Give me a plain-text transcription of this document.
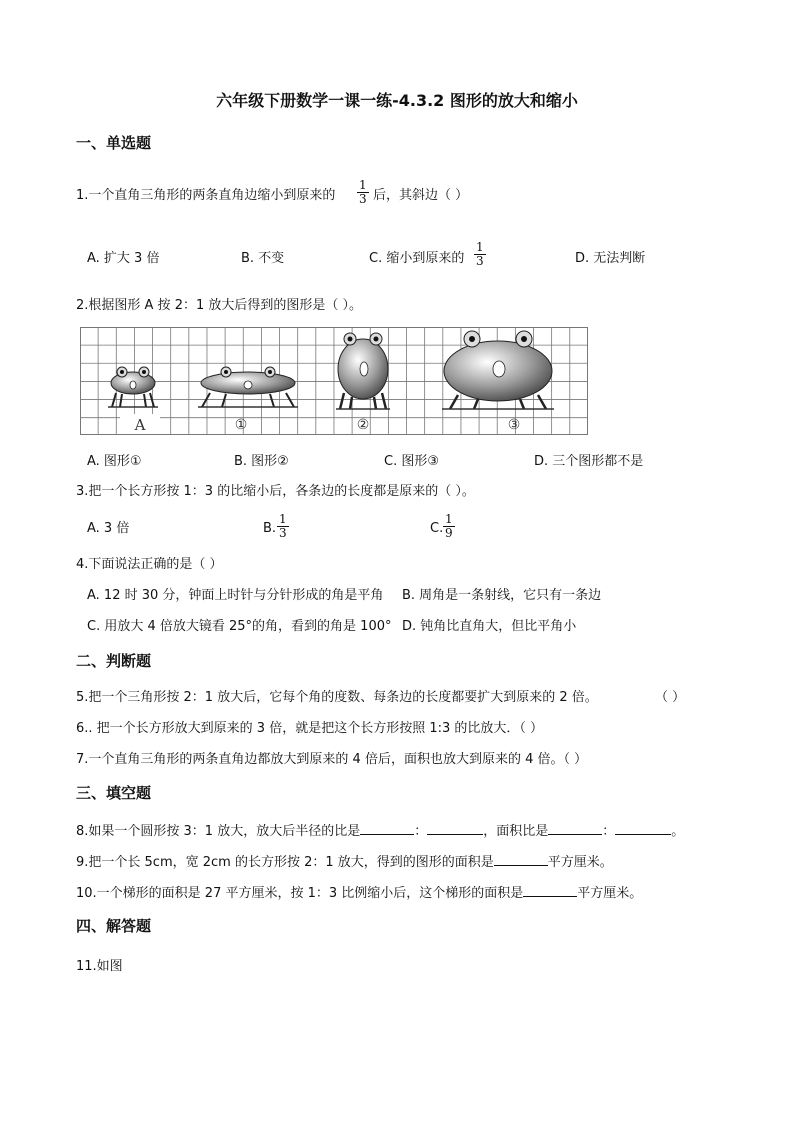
六年级下册数学一课一练-4.3.2 图形的放大和缩小
一、单选题
1.一个直角三角形的两条直角边缩小到原来的 $\frac{1}{3}$ 后，其斜边（ ）
A. 扩大 3 倍	B. 不变	C. 缩小到原来的 $\frac{1}{3}$	D. 无法判断
2.根据图形 A 按 2：1 放大后得到的图形是（ ）。
A	①	②	③
A. 图形①	B. 图形②	C. 图形③	D. 三个图形都不是
3.把一个长方形按 1：3 的比缩小后，各条边的长度都是原来的（ ）。
A. 3 倍	B. $\frac{1}{3}$	C. $\frac{1}{9}$
4.下面说法正确的是（ ）
A. 12 时 30 分，钟面上时针与分针形成的角是平角 B. 周角是一条射线，它只有一条边
C. 用放大 4 倍放大镜看 25°的角，看到的角是 100° D. 钝角比直角大，但比平角小
二、判断题
5.把一个三角形按 2：1 放大后，它每个角的度数、每条边的长度都要扩大到原来的 2 倍。	（ ）
6.. 把一个长方形放大到原来的 3 倍，就是把这个长方形按照 1:3 的比放大．（ ）
7.一个直角三角形的两条直角边都放大到原来的 4 倍后，面积也放大到原来的 4 倍。（ ）
三、填空题
8.如果一个圆形按 3：1 放大，放大后半径的比是	：	，面积比是	：	。
9.把一个长 5cm，宽 2cm 的长方形按 2：1 放大，得到的图形的面积是	平方厘米。
10.一个梯形的面积是 27 平方厘米，按 1：3 比例缩小后，这个梯形的面积是	平方厘米。
四、解答题
11.如图
